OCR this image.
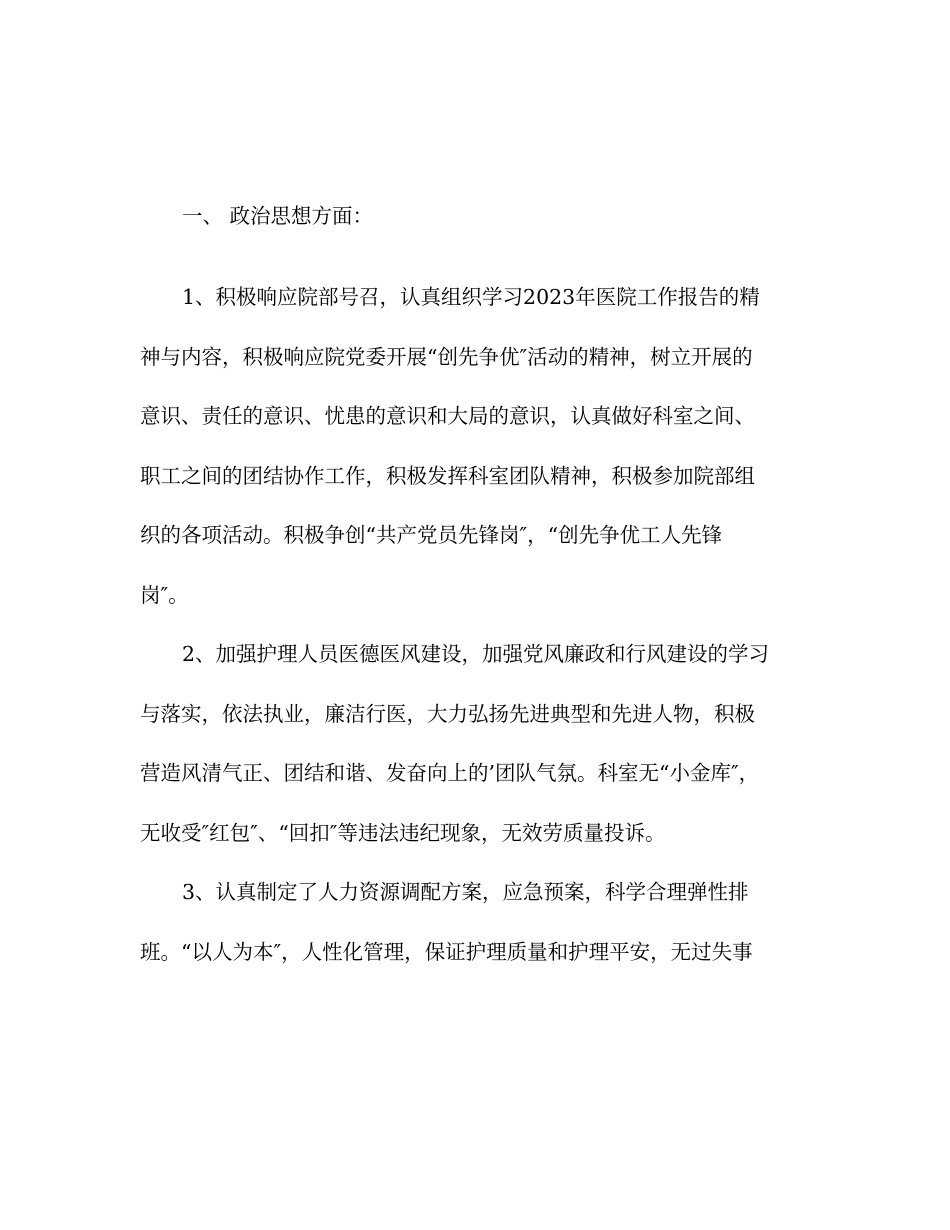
一、 政治思想方面：
1、积极响应院部号召，认真组织学习2023年医院工作报告的精
神与内容，积极响应院党委开展“创先争优″活动的精神，树立开展的
意识、责任的意识、忧患的意识和大局的意识，认真做好科室之间、
职工之间的团结协作工作，积极发挥科室团队精神，积极参加院部组
织的各项活动。积极争创“共产党员先锋岗″，“创先争优工人先锋
岗″。
2、加强护理人员医德医风建设，加强党风廉政和行风建设的学习
与落实，依法执业，廉洁行医，大力弘扬先进典型和先进人物，积极
营造风清气正、团结和谐、发奋向上的’团队气氛。科室无“小金库″，
无收受″红包″、“回扣″等违法违纪现象，无效劳质量投诉。
3、认真制定了人力资源调配方案，应急预案，科学合理弹性排
班。“以人为本″，人性化管理，保证护理质量和护理平安，无过失事
